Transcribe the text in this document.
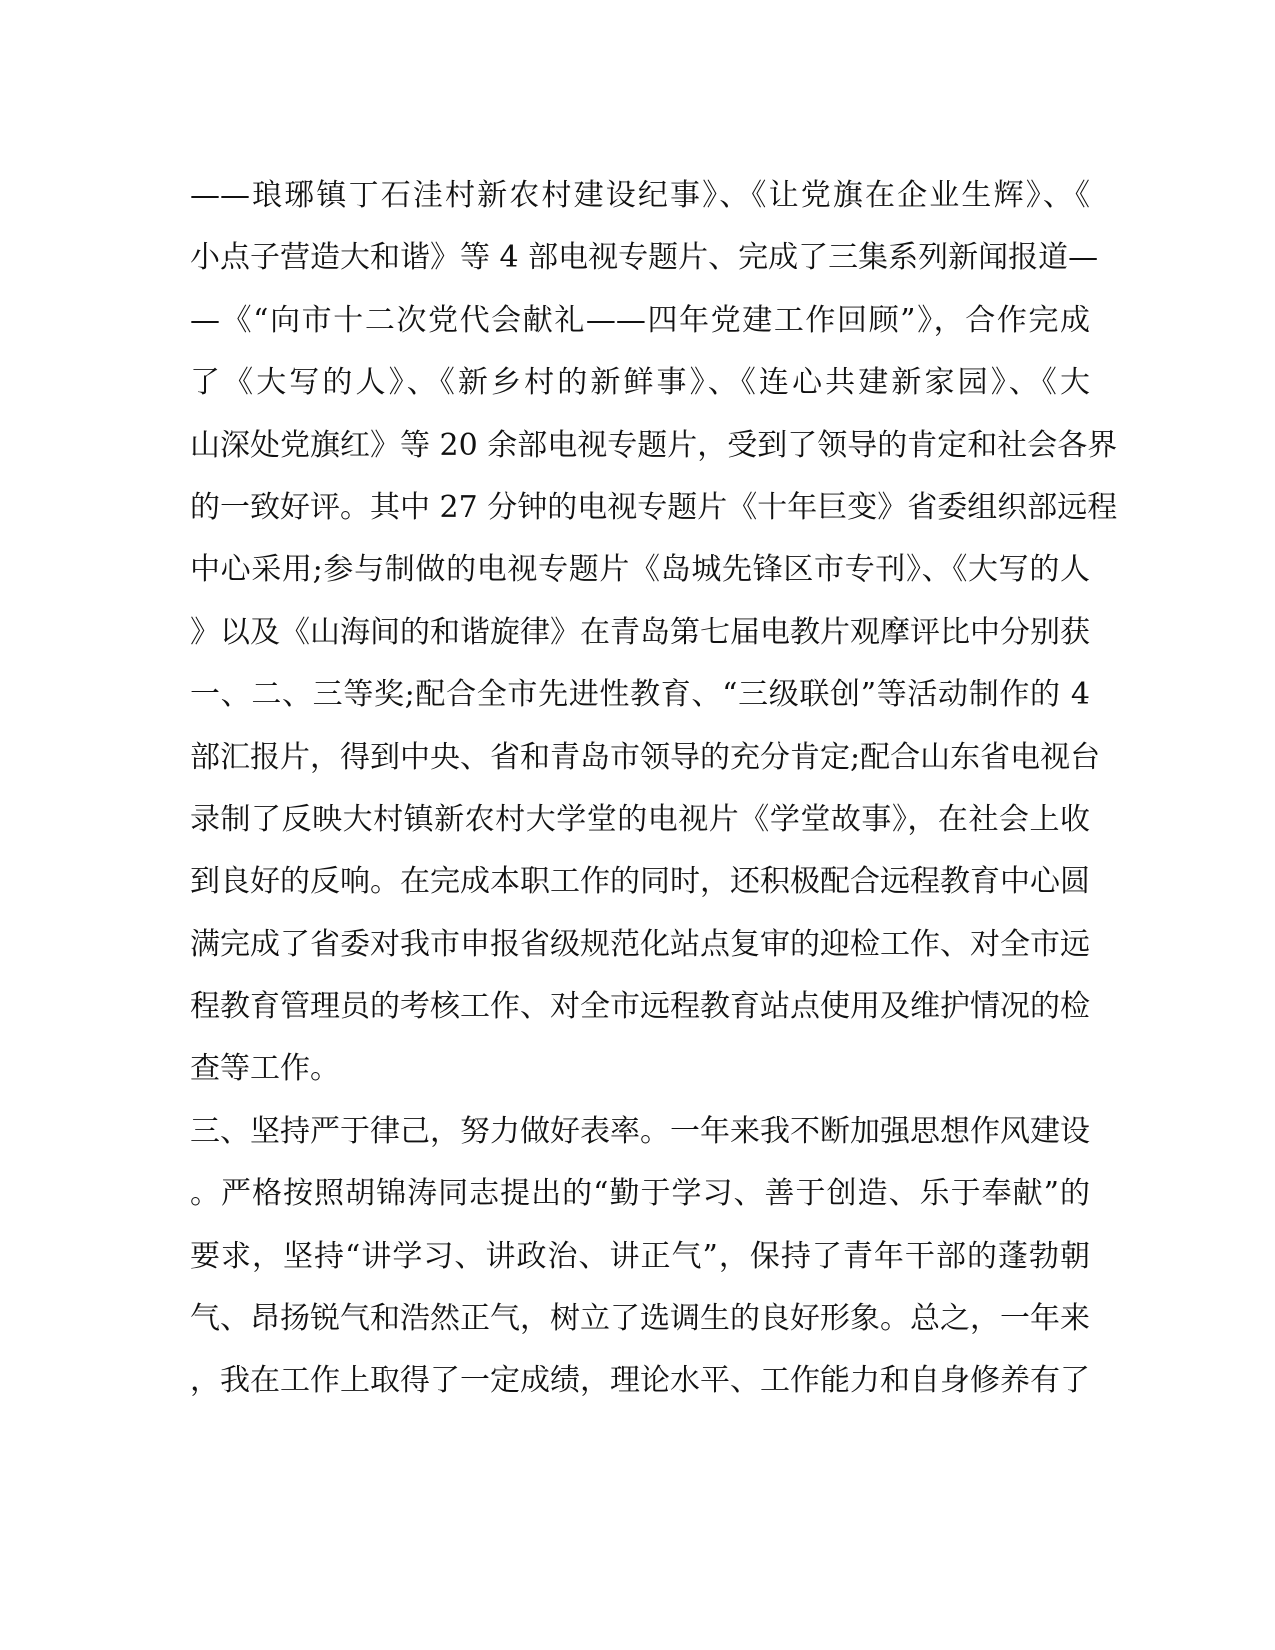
——琅琊镇丁石洼村新农村建设纪事》、《让党旗在企业生辉》、《
小点子营造大和谐》等 4 部电视专题片、完成了三集系列新闻报道—
—《“向市十二次党代会献礼——四年党建工作回顾”》，合作完成
了《大写的人》、《新乡村的新鲜事》、《连心共建新家园》、《大
山深处党旗红》等 20 余部电视专题片，受到了领导的肯定和社会各界
的一致好评。其中 27 分钟的电视专题片《十年巨变》省委组织部远程
中心采用;参与制做的电视专题片《岛城先锋区市专刊》、《大写的人
》以及《山海间的和谐旋律》在青岛第七届电教片观摩评比中分别获
一、二、三等奖;配合全市先进性教育、“三级联创”等活动制作的 4
部汇报片，得到中央、省和青岛市领导的充分肯定;配合山东省电视台
录制了反映大村镇新农村大学堂的电视片《学堂故事》，在社会上收
到良好的反响。在完成本职工作的同时，还积极配合远程教育中心圆
满完成了省委对我市申报省级规范化站点复审的迎检工作、对全市远
程教育管理员的考核工作、对全市远程教育站点使用及维护情况的检
查等工作。
三、坚持严于律己，努力做好表率。一年来我不断加强思想作风建设
。严格按照胡锦涛同志提出的“勤于学习、善于创造、乐于奉献”的
要求，坚持“讲学习、讲政治、讲正气”，保持了青年干部的蓬勃朝
气、昂扬锐气和浩然正气，树立了选调生的良好形象。总之，一年来
，我在工作上取得了一定成绩，理论水平、工作能力和自身修养有了
